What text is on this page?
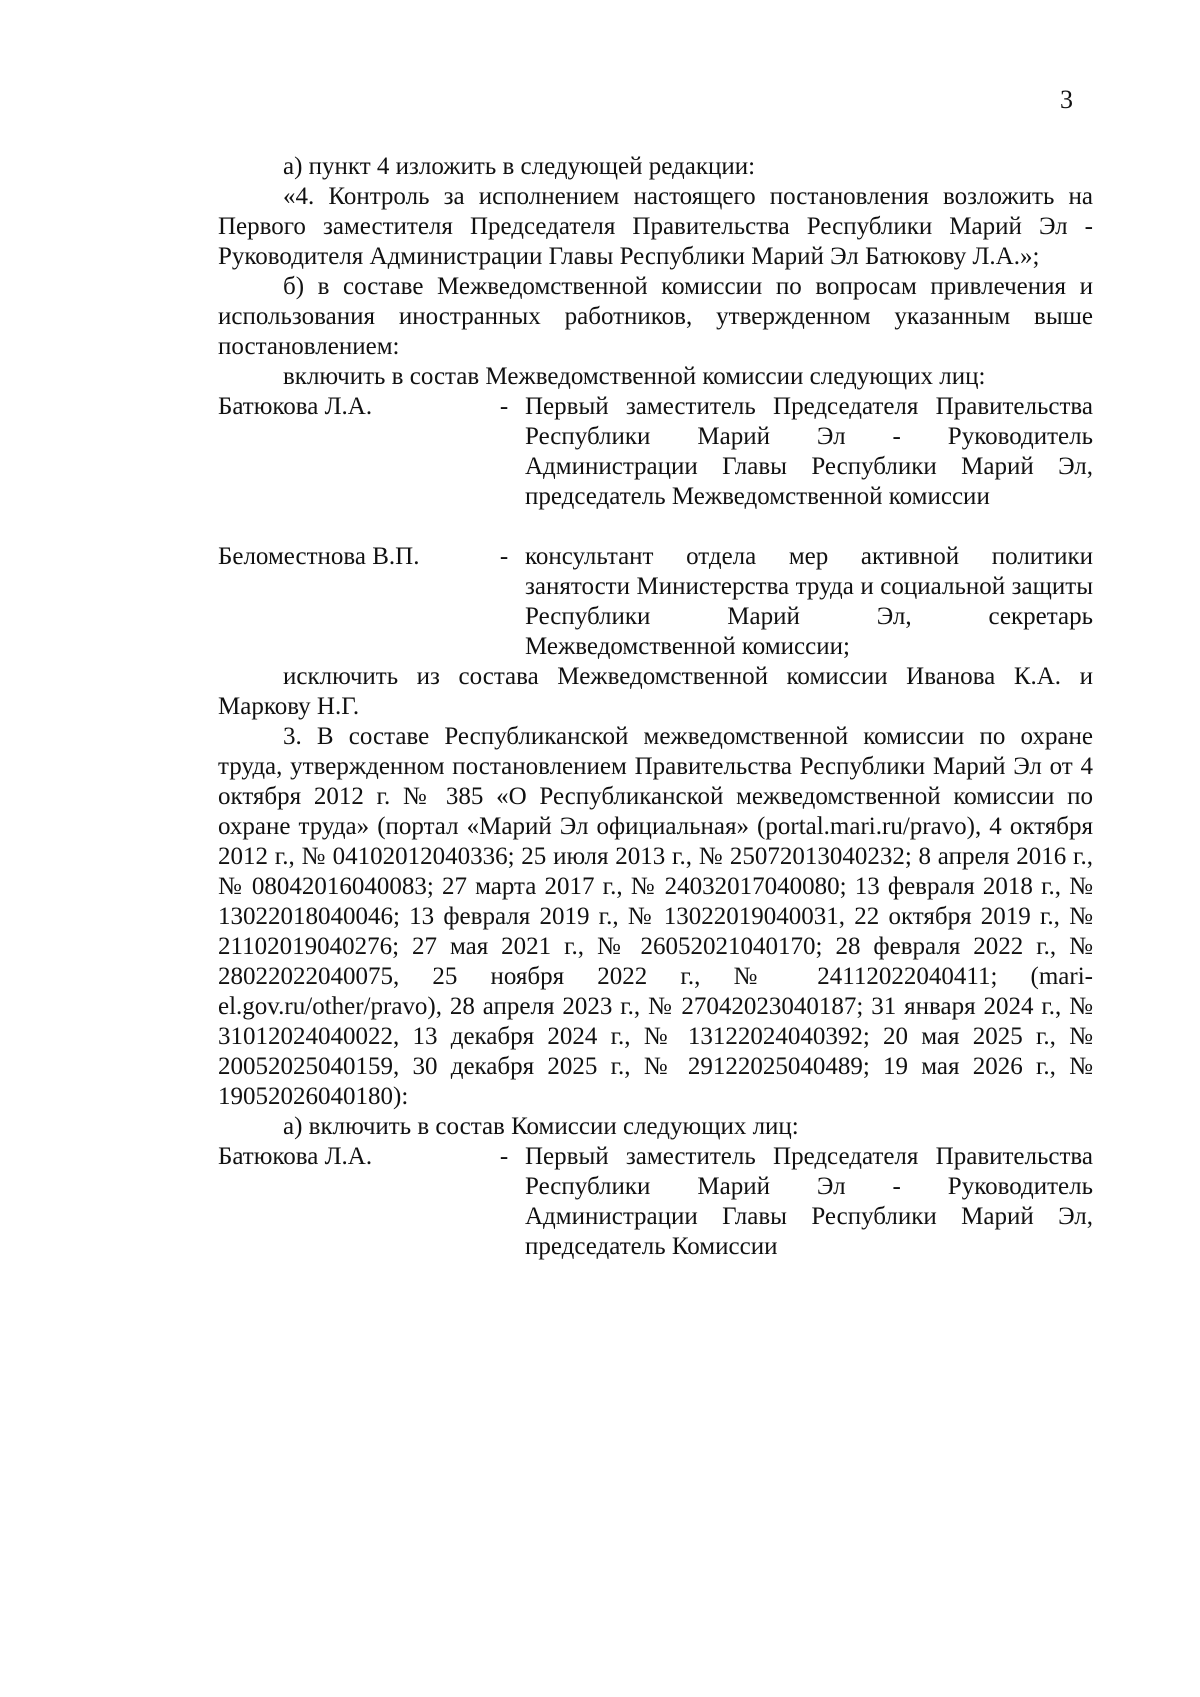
3

а) пункт 4 изложить в следующей редакции:

«4. Контроль за исполнением настоящего постановления возложить на Первого заместителя Председателя Правительства Республики Марий Эл - Руководителя Администрации Главы Республики Марий Эл Батюкову Л.А.»;

б) в составе Межведомственной комиссии по вопросам привлечения и использования иностранных работников, утвержденном указанным выше постановлением:

включить в состав Межведомственной комиссии следующих лиц:

Батюкова Л.А.	- Первый заместитель Председателя Правительства Республики Марий Эл - Руководитель Администрации Главы Республики Марий Эл, председатель Межведомственной комиссии
Беломестнова В.П.	- консультант отдела мер активной политики занятости Министерства труда и социальной защиты Республики Марий Эл, секретарь Межведомственной комиссии;

исключить из состава Межведомственной комиссии Иванова К.А. и Маркову Н.Г.

3. В составе Республиканской межведомственной комиссии по охране труда, утвержденном постановлением Правительства Республики Марий Эл от 4 октября 2012 г. № 385 «О Республиканской межведомственной комиссии по охране труда» (портал «Марий Эл официальная» (portal.mari.ru/pravo), 4 октября 2012 г., № 04102012040336; 25 июля 2013 г., № 25072013040232; 8 апреля 2016 г., № 08042016040083; 27 марта 2017 г., № 24032017040080; 13 февраля 2018 г., № 13022018040046; 13 февраля 2019 г., № 13022019040031, 22 октября 2019 г., № 21102019040276; 27 мая 2021 г., № 26052021040170; 28 февраля 2022 г., № 28022022040075, 25 ноября 2022 г., № 24112022040411; (mari-el.gov.ru/other/pravo), 28 апреля 2023 г., № 27042023040187; 31 января 2024 г., № 31012024040022, 13 декабря 2024 г., № 13122024040392; 20 мая 2025 г., № 20052025040159, 30 декабря 2025 г., № 29122025040489; 19 мая 2026 г., № 19052026040180):

а) включить в состав Комиссии следующих лиц:

Батюкова Л.А.	- Первый заместитель Председателя Правительства Республики Марий Эл - Руководитель Администрации Главы Республики Марий Эл, председатель Комиссии
